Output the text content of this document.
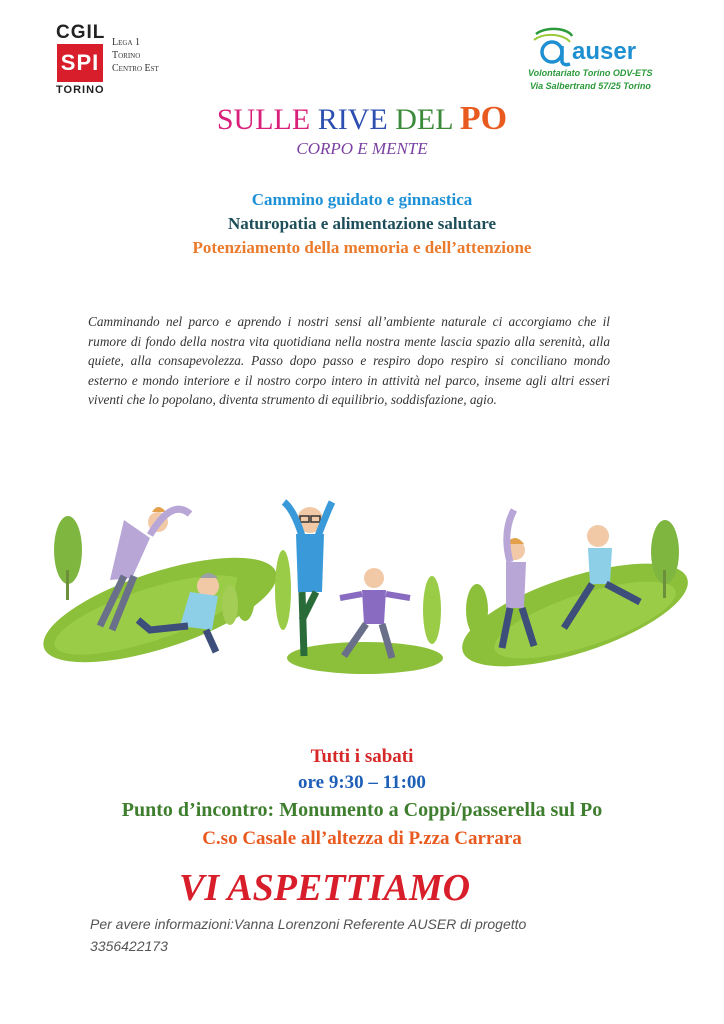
CGIL
SPI
TORINO
Lega 1
Torino
Centro Est
auser
Volontariato Torino ODV-ETS
Via Salbertrand 57/25 Torino
SULLE RIVE DEL PO
CORPO E MENTE
Cammino guidato e ginnastica
Naturopatia e alimentazione salutare
Potenziamento della memoria e dell’attenzione
Camminando nel parco e aprendo i nostri sensi all’ambiente naturale ci accorgiamo che il rumore di fondo della nostra vita quotidiana nella nostra mente lascia spazio alla serenità, alla quiete, alla consapevolezza. Passo dopo passo e respiro dopo respiro si conciliano mondo esterno e mondo interiore e il nostro corpo intero in attività nel parco, inseme agli altri esseri viventi che lo popolano, diventa strumento di equilibrio, soddisfazione, agio.
Tutti i sabati
ore 9:30 – 11:00
Punto d’incontro: Monumento a Coppi/passerella sul Po
C.so Casale all’altezza di P.zza Carrara
VI ASPETTIAMO
Per avere informazioni:Vanna Lorenzoni Referente AUSER di progetto
3356422173
